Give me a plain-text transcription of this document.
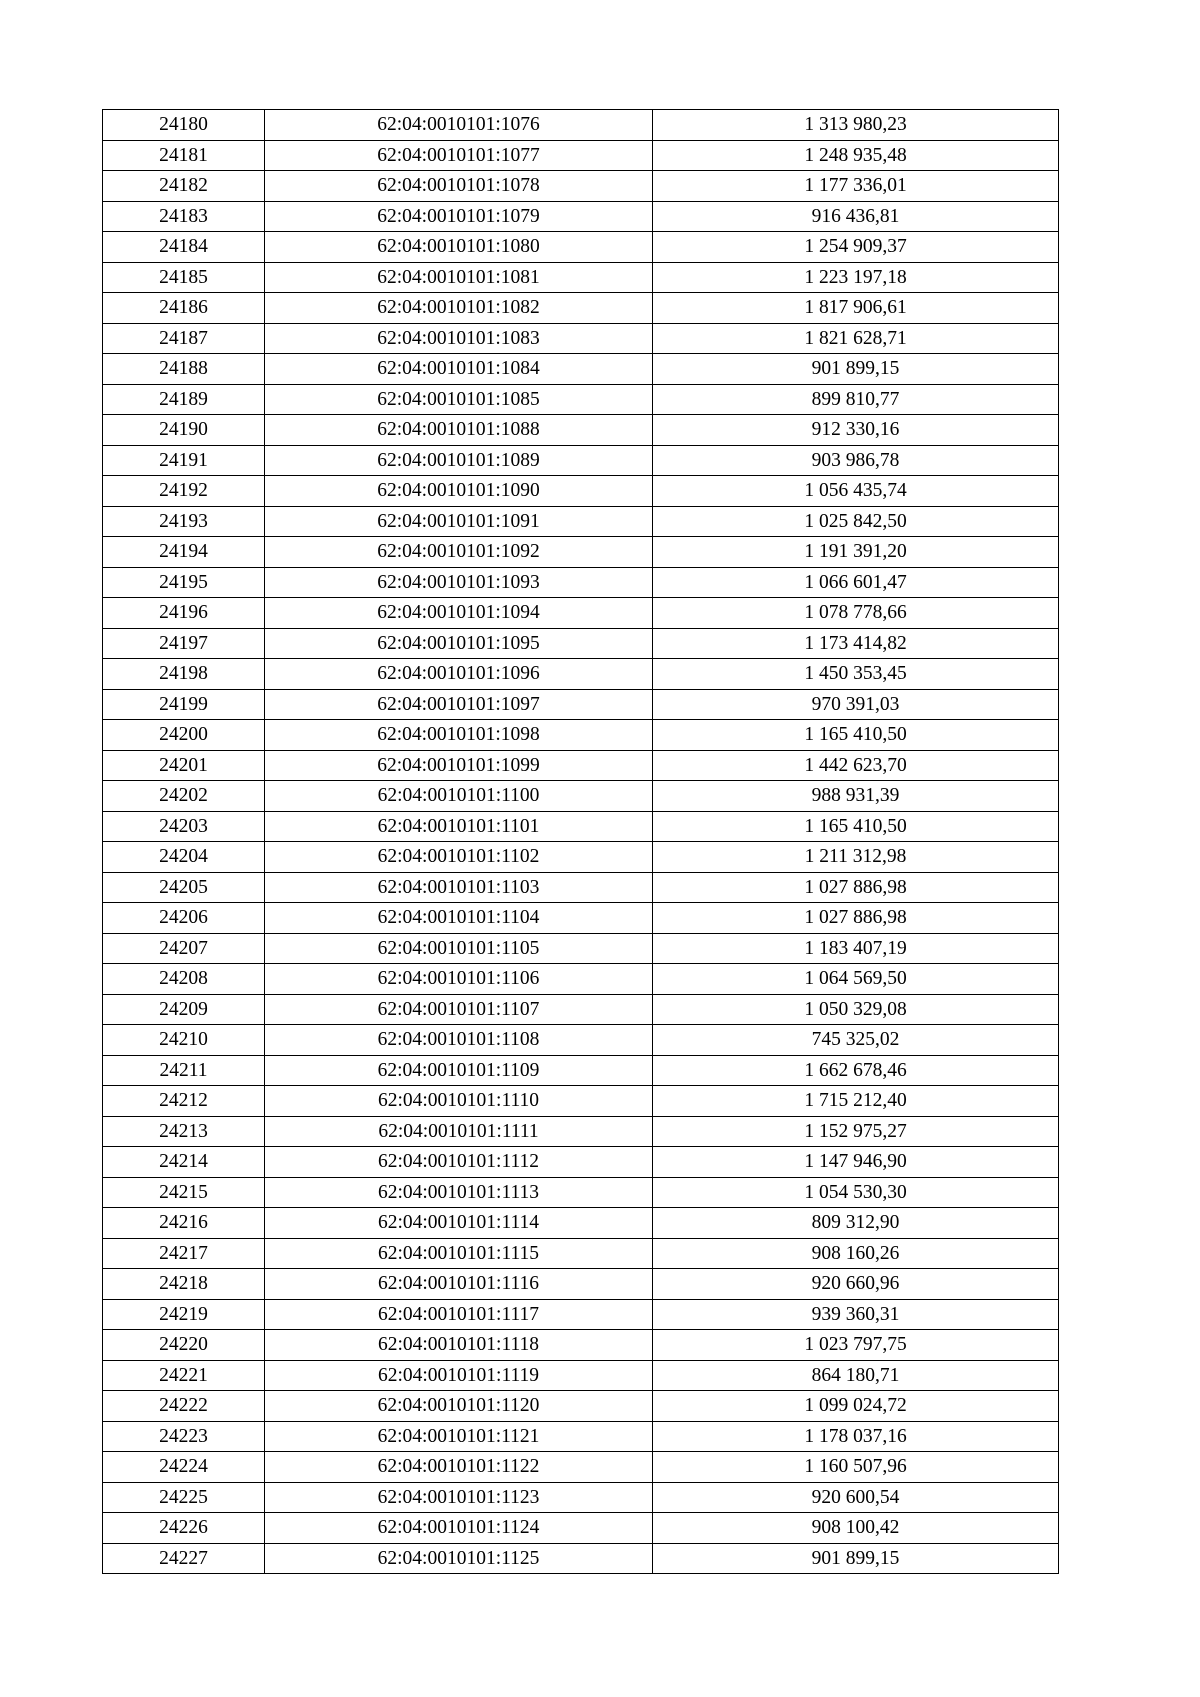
24180	62:04:0010101:1076	1 313 980,23
24181	62:04:0010101:1077	1 248 935,48
24182	62:04:0010101:1078	1 177 336,01
24183	62:04:0010101:1079	916 436,81
24184	62:04:0010101:1080	1 254 909,37
24185	62:04:0010101:1081	1 223 197,18
24186	62:04:0010101:1082	1 817 906,61
24187	62:04:0010101:1083	1 821 628,71
24188	62:04:0010101:1084	901 899,15
24189	62:04:0010101:1085	899 810,77
24190	62:04:0010101:1088	912 330,16
24191	62:04:0010101:1089	903 986,78
24192	62:04:0010101:1090	1 056 435,74
24193	62:04:0010101:1091	1 025 842,50
24194	62:04:0010101:1092	1 191 391,20
24195	62:04:0010101:1093	1 066 601,47
24196	62:04:0010101:1094	1 078 778,66
24197	62:04:0010101:1095	1 173 414,82
24198	62:04:0010101:1096	1 450 353,45
24199	62:04:0010101:1097	970 391,03
24200	62:04:0010101:1098	1 165 410,50
24201	62:04:0010101:1099	1 442 623,70
24202	62:04:0010101:1100	988 931,39
24203	62:04:0010101:1101	1 165 410,50
24204	62:04:0010101:1102	1 211 312,98
24205	62:04:0010101:1103	1 027 886,98
24206	62:04:0010101:1104	1 027 886,98
24207	62:04:0010101:1105	1 183 407,19
24208	62:04:0010101:1106	1 064 569,50
24209	62:04:0010101:1107	1 050 329,08
24210	62:04:0010101:1108	745 325,02
24211	62:04:0010101:1109	1 662 678,46
24212	62:04:0010101:1110	1 715 212,40
24213	62:04:0010101:1111	1 152 975,27
24214	62:04:0010101:1112	1 147 946,90
24215	62:04:0010101:1113	1 054 530,30
24216	62:04:0010101:1114	809 312,90
24217	62:04:0010101:1115	908 160,26
24218	62:04:0010101:1116	920 660,96
24219	62:04:0010101:1117	939 360,31
24220	62:04:0010101:1118	1 023 797,75
24221	62:04:0010101:1119	864 180,71
24222	62:04:0010101:1120	1 099 024,72
24223	62:04:0010101:1121	1 178 037,16
24224	62:04:0010101:1122	1 160 507,96
24225	62:04:0010101:1123	920 600,54
24226	62:04:0010101:1124	908 100,42
24227	62:04:0010101:1125	901 899,15
